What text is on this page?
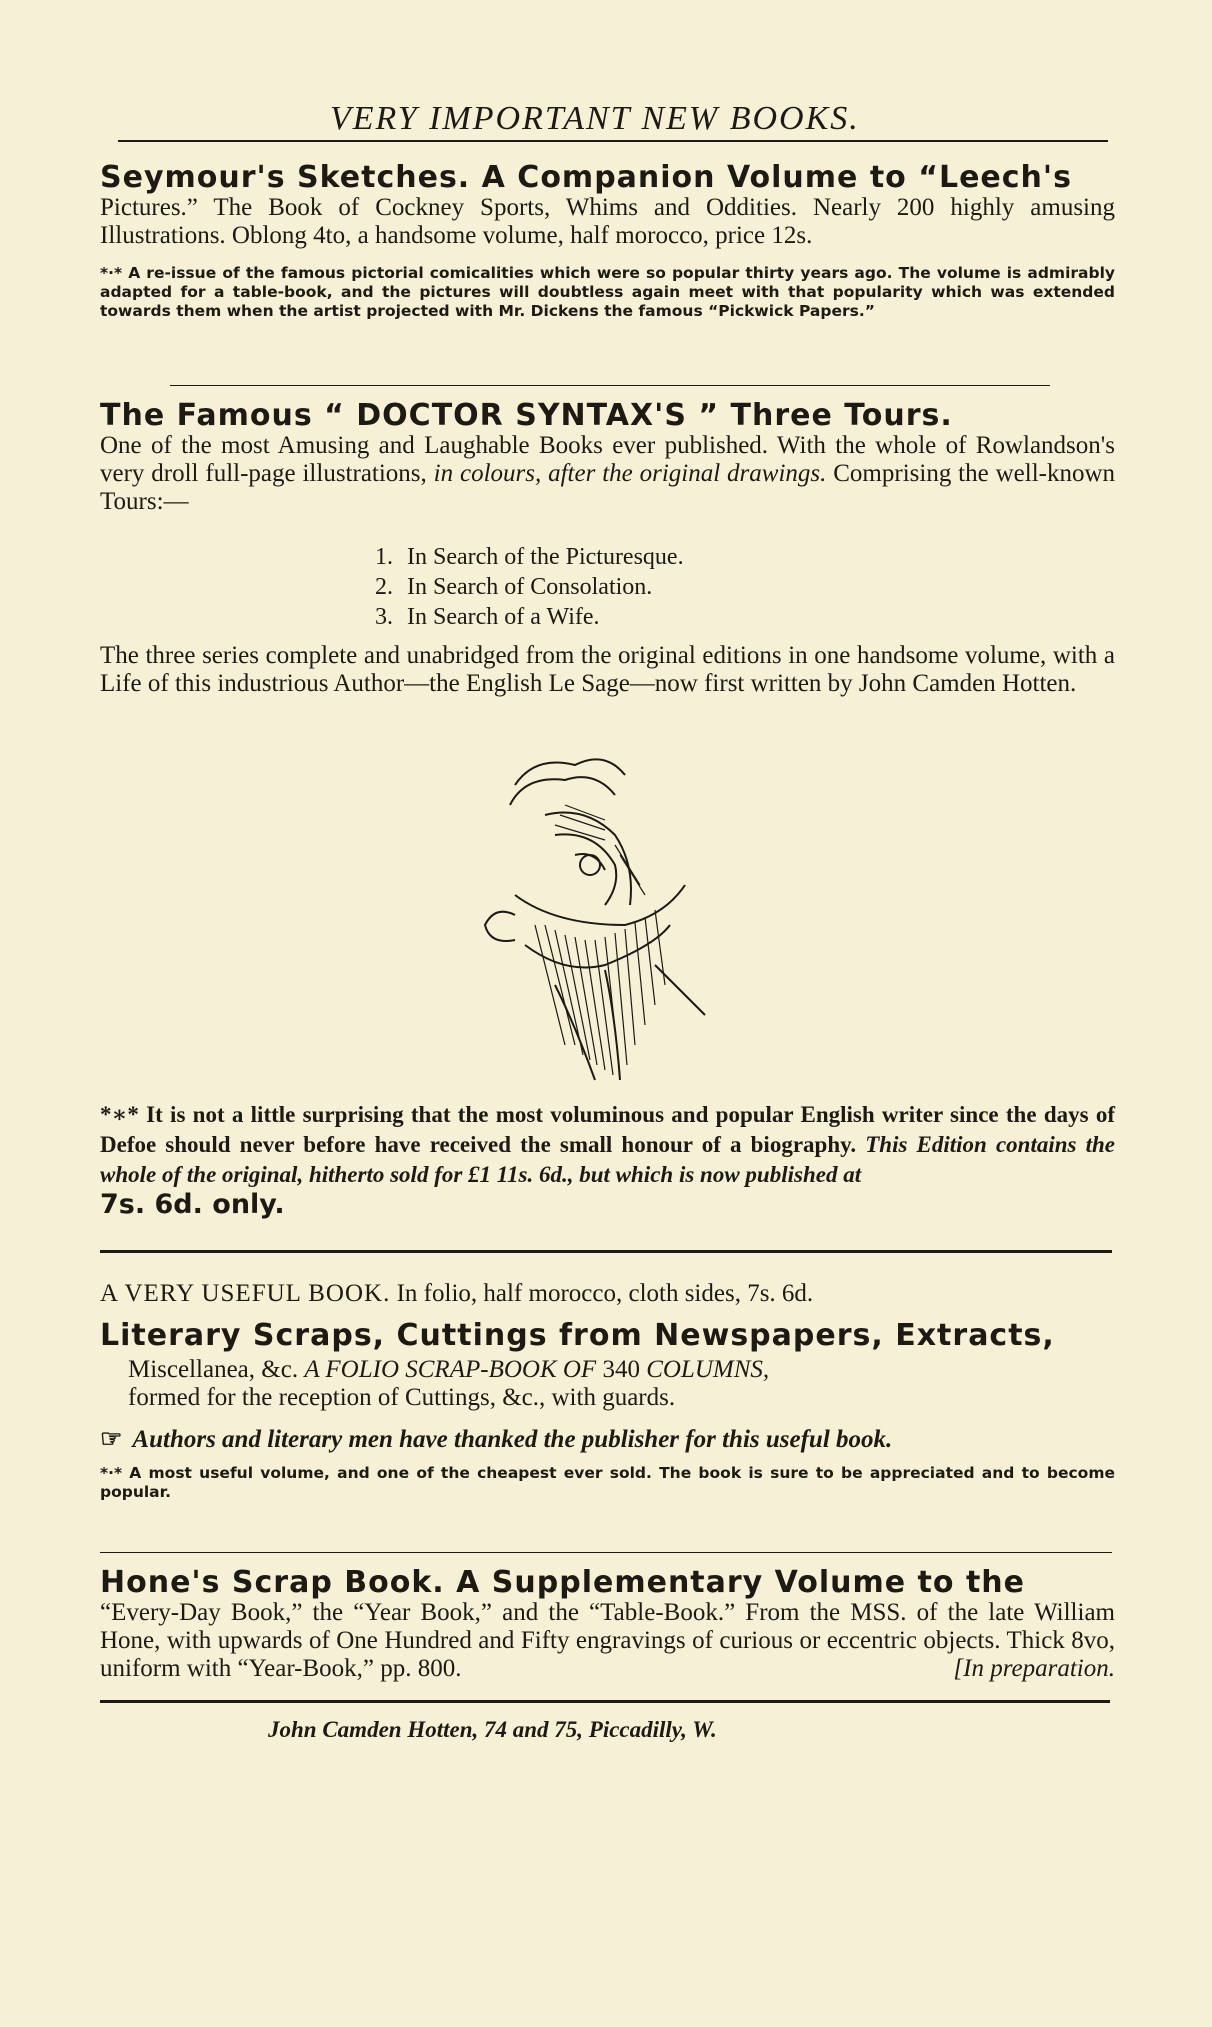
VERY IMPORTANT NEW BOOKS.
Seymour's Sketches. A Companion Volume to “Leech's
Pictures.” The Book of Cockney Sports, Whims and Oddities. Nearly 200 highly amusing Illustrations. Oblong 4to, a handsome volume, half morocco, price 12s.
*∙* A re-issue of the famous pictorial comicalities which were so popular thirty years ago. The volume is admirably adapted for a table-book, and the pictures will doubtless again meet with that popularity which was extended towards them when the artist projected with Mr. Dickens the famous “Pickwick Papers.”
The Famous “ DOCTOR SYNTAX'S ” Three Tours.
One of the most Amusing and Laughable Books ever published. With the whole of Rowlandson's very droll full-page illustrations, in colours, after the original drawings. Comprising the well-known Tours:—
1. In Search of the Picturesque.
2. In Search of Consolation.
3. In Search of a Wife.
The three series complete and unabridged from the original editions in one handsome volume, with a Life of this industrious Author—the English Le Sage—now first written by John Camden Hotten.
*∗* It is not a little surprising that the most voluminous and popular English writer since the days of Defoe should never before have received the small honour of a biography. This Edition contains the whole of the original, hitherto sold for £1 11s. 6d., but which is now published at
7s. 6d. only.
A VERY USEFUL BOOK. In folio, half morocco, cloth sides, 7s. 6d.
Literary Scraps, Cuttings from Newspapers, Extracts,
Miscellanea, &c. A FOLIO SCRAP-BOOK OF 340 COLUMNS,
formed for the reception of Cuttings, &c., with guards.
☞ Authors and literary men have thanked the publisher for this useful book.
*∙* A most useful volume, and one of the cheapest ever sold. The book is sure to be appreciated and to become popular.
Hone's Scrap Book. A Supplementary Volume to the
“Every-Day Book,” the “Year Book,” and the “Table-Book.” From the MSS. of the late William Hone, with upwards of One Hundred and Fifty engravings of curious or eccentric objects. Thick 8vo, uniform with “Year-Book,” pp. 800.	[In preparation.
John Camden Hotten, 74 and 75, Piccadilly, W.
